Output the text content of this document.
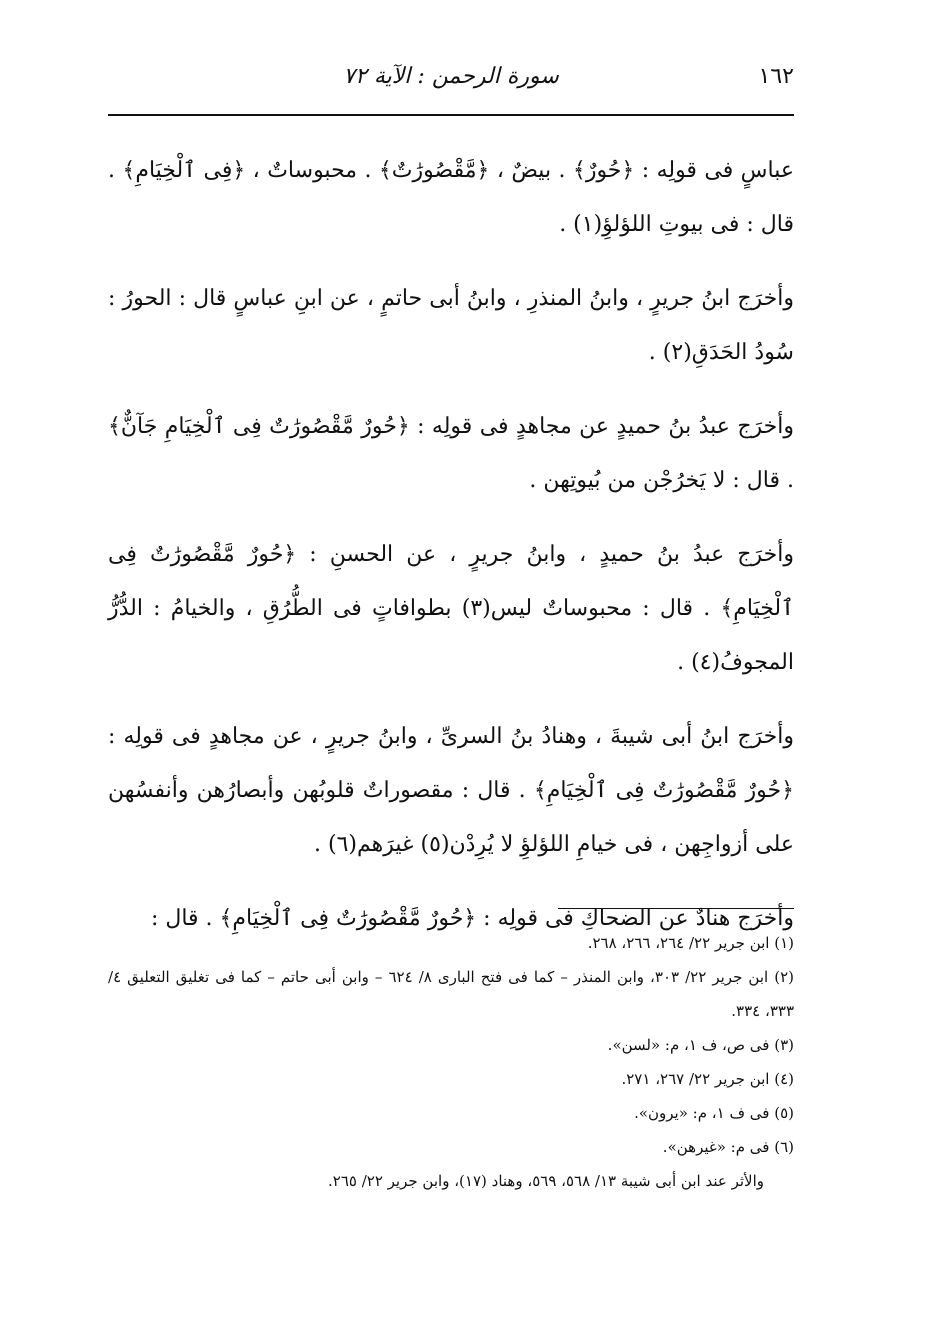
١٦٢
سورة الرحمن : الآية ٧٢

عباسٍ فى قولِه : ﴿حُورٌ﴾ . بيضٌ ، ﴿مَّقْصُورَٰتٌ﴾ . محبوساتٌ ، ﴿فِى ٱلْخِيَامِ﴾ . قال : فى بيوتِ اللؤلؤِ(١) .

وأخرَج ابنُ جريرٍ ، وابنُ المنذرِ ، وابنُ أبى حاتمٍ ، عن ابنِ عباسٍ قال : الحورُ : سُودُ الحَدَقِ(٢) .

وأخرَج عبدُ بنُ حميدٍ عن مجاهدٍ فى قولِه : ﴿حُورٌ مَّقْصُورَٰتٌ فِى ٱلْخِيَامِ جَآنٌّ﴾ . قال : لا يَخرُجْن من بُيوتِهن .

وأخرَج عبدُ بنُ حميدٍ ، وابنُ جريرٍ ، عن الحسنِ : ﴿حُورٌ مَّقْصُورَٰتٌ فِى ٱلْخِيَامِ﴾ . قال : محبوساتٌ ليس(٣) بطوافاتٍ فى الطُّرُقِ ، والخيامُ : الدُّرُّ المجوفُ(٤) .

وأخرَج ابنُ أبى شيبةَ ، وهنادُ بنُ السرىِّ ، وابنُ جريرٍ ، عن مجاهدٍ فى قولِه : ﴿حُورٌ مَّقْصُورَٰتٌ فِى ٱلْخِيَامِ﴾ . قال : مقصوراتٌ قلوبُهن وأبصارُهن وأنفسُهن على أزواجِهن ، فى خيامِ اللؤلؤِ لا يُرِدْن(٥) غيرَهم(٦) .

وأخرَج هنادٌ عن الضحاكِ فى قولِه : ﴿حُورٌ مَّقْصُورَٰتٌ فِى ٱلْخِيَامِ﴾ . قال :

(١) ابن جرير ٢٢/ ٢٦٤، ٢٦٦، ٢٦٨.

(٢) ابن جرير ٢٢/ ٣٠٣، وابن المنذر – كما فى فتح البارى ٨/ ٦٢٤ – وابن أبى حاتم – كما فى تغليق التعليق ٤/ ٣٣٣، ٣٣٤.

(٣) فى ص، ف ١، م: «لسن».

(٤) ابن جرير ٢٢/ ٢٦٧، ٢٧١.

(٥) فى ف ١، م: «يرون».

(٦) فى م: «غيرهن».

والأثر عند ابن أبى شيبة ١٣/ ٥٦٨، ٥٦٩، وهناد (١٧)، وابن جرير ٢٢/ ٢٦٥.
